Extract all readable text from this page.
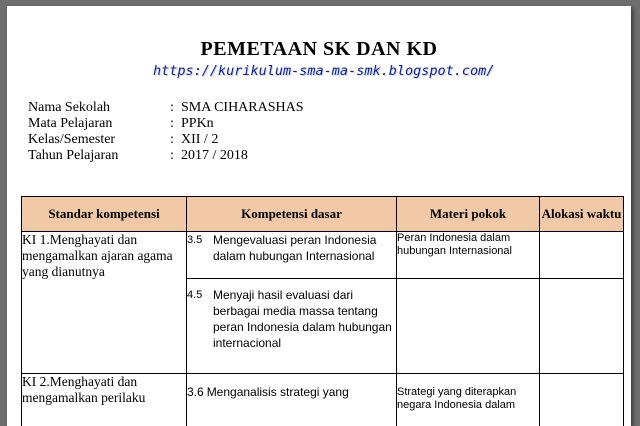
PEMETAAN SK DAN KD
https://kurikulum-sma-ma-smk.blogspot.com/
Nama Sekolah	: SMA CIHARASHAS
Mata Pelajaran	: PPKn
Kelas/Semester	: XII / 2
Tahun Pelajaran	: 2017 / 2018
Standar kompetensi	Kompetensi dasar	Materi pokok	Alokasi waktu
KI 1.Menghayati dan mengamalkan ajaran agama yang dianutnya	3.5 Mengevaluasi peran Indonesia dalam hubungan Internasional	Peran Indonesia dalam hubungan Internasional	

	4.5 Menyaji hasil evaluasi dari berbagai media massa tentang peran Indonesia dalam hubungan internacional		

KI 2.Menghayati dan mengamalkan perilaku	3.6 Menganalisis strategi yang	Strategi yang diterapkan negara Indonesia dalam	
